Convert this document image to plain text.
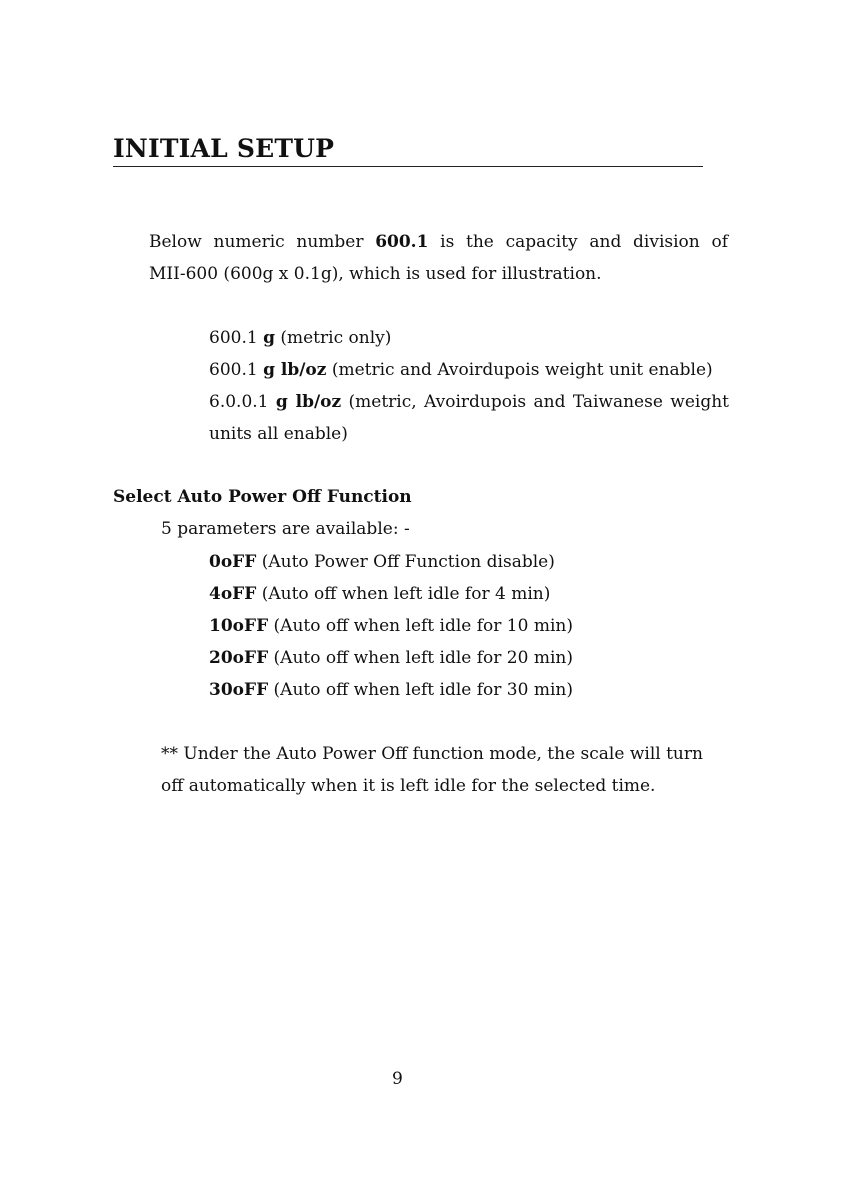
INITIAL SETUP
Below numeric number 600.1 is the capacity and division of
MII-600 (600g x 0.1g), which is used for illustration.
600.1 g (metric only)
600.1 g lb/oz (metric and Avoirdupois weight unit enable)
6.0.0.1 g lb/oz (metric, Avoirdupois and Taiwanese weight
units all enable)
Select Auto Power Off Function
5 parameters are available: -
0oFF (Auto Power Off Function disable)
4oFF (Auto off when left idle for 4 min)
10oFF (Auto off when left idle for 10 min)
20oFF (Auto off when left idle for 20 min)
30oFF (Auto off when left idle for 30 min)
** Under the Auto Power Off function mode, the scale will turn
off automatically when it is left idle for the selected time.
9
